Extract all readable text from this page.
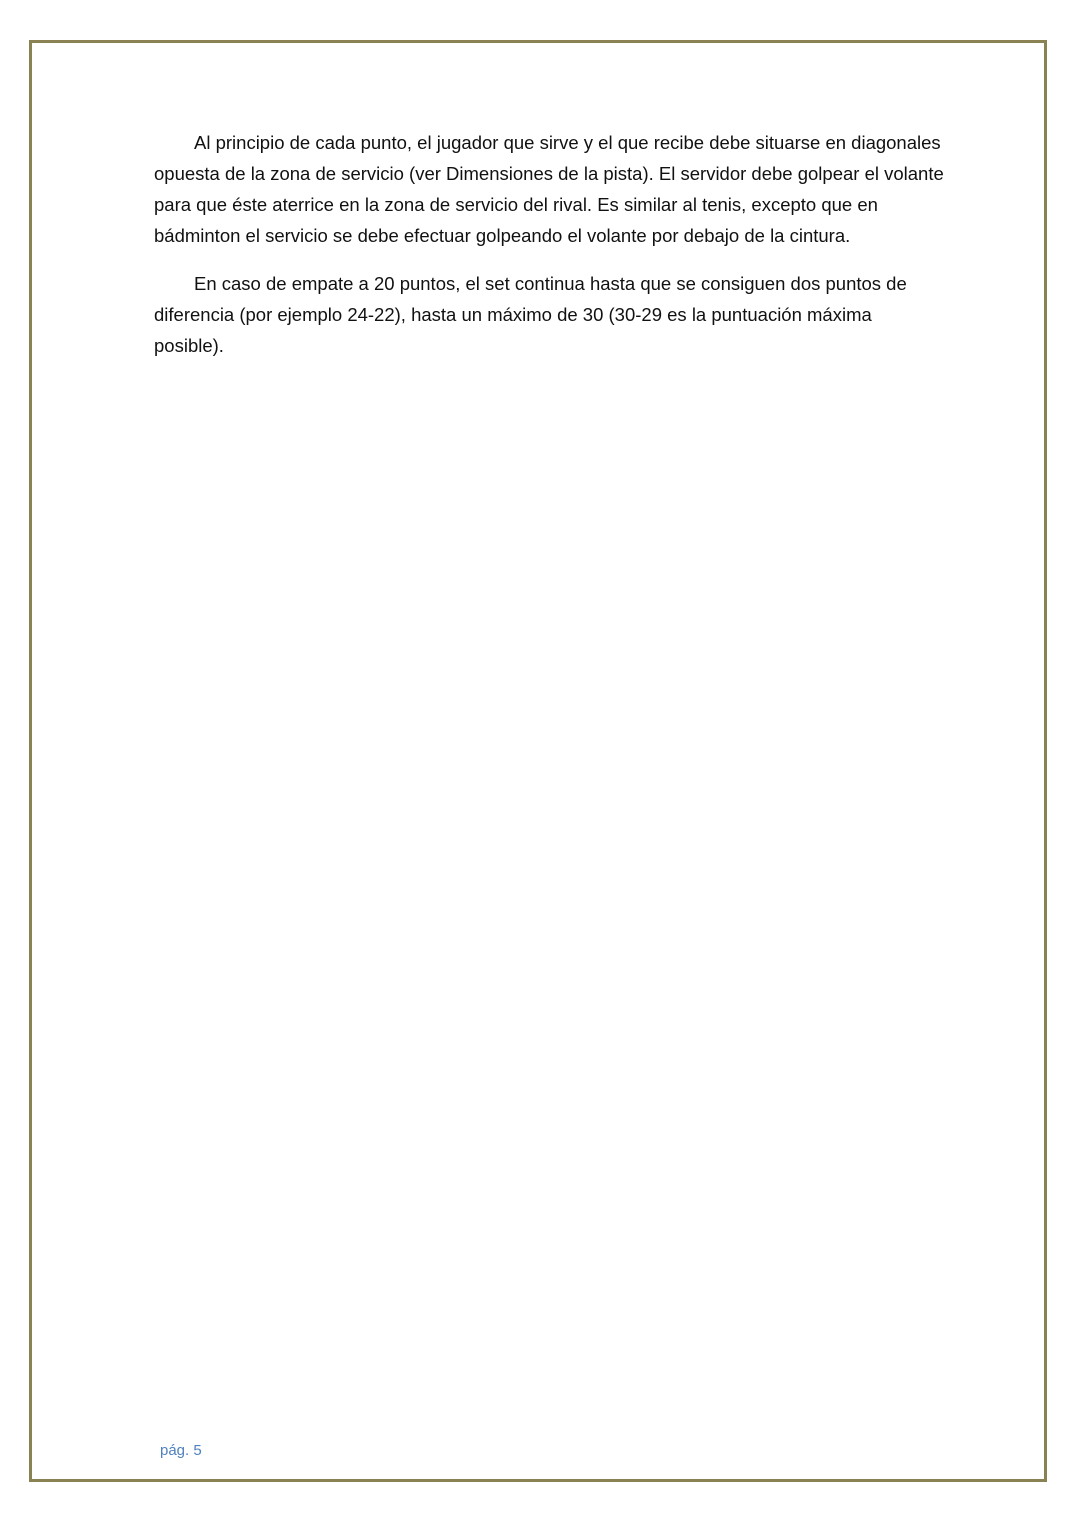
Al principio de cada punto, el jugador que sirve y el que recibe debe situarse en diagonales opuesta de la zona de servicio (ver Dimensiones de la pista). El servidor debe golpear el volante para que éste aterrice en la zona de servicio del rival. Es similar al tenis, excepto que en bádminton el servicio se debe efectuar golpeando el volante por debajo de la cintura.

En caso de empate a 20 puntos, el set continua hasta que se consiguen dos puntos de diferencia (por ejemplo 24-22), hasta un máximo de 30 (30-29 es la puntuación máxima posible).

pág. 5
